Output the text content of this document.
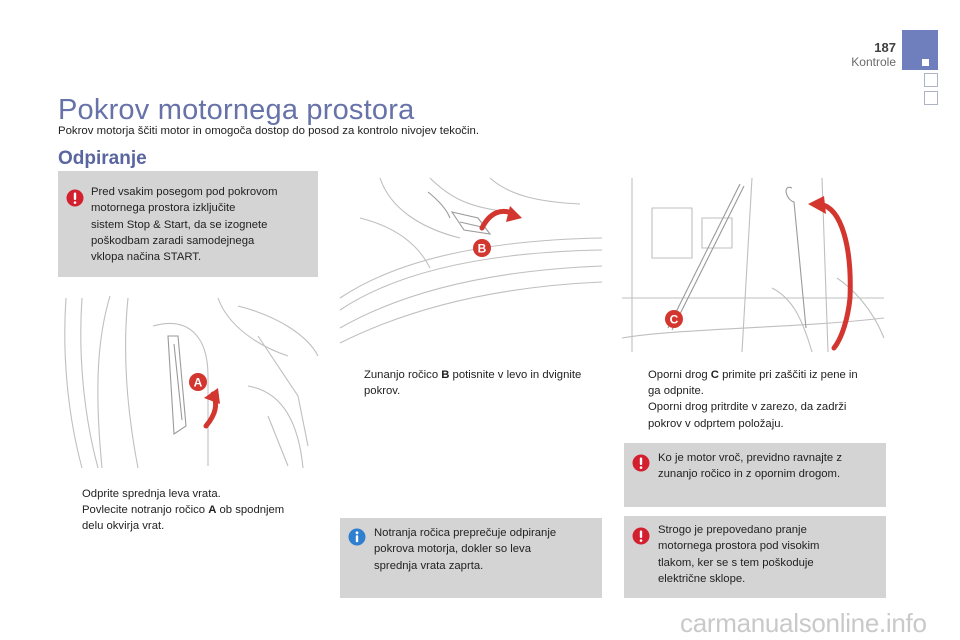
187
Kontrole
Pokrov motornega prostora
Pokrov motorja ščiti motor in omogoča dostop do posod za kontrolo nivojev tekočin.
Odpiranje
Pred vsakim posegom pod pokrovom
motornega prostora izključite
sistem Stop & Start, da se izognete
poškodbam zaradi samodejnega
vklopa načina START.
A
Odprite sprednja leva vrata.
Povlecite notranjo ročico A ob spodnjem
delu okvirja vrat.
B
Zunanjo ročico B potisnite v levo in dvignite
pokrov.
Notranja ročica preprečuje odpiranje
pokrova motorja, dokler so leva
sprednja vrata zaprta.
C
Oporni drog C primite pri zaščiti iz pene in
ga odpnite.
Oporni drog pritrdite v zarezo, da zadrži
pokrov v odprtem položaju.
Ko je motor vroč, previdno ravnajte z
zunanjo ročico in z opornim drogom.
Strogo je prepovedano pranje
motornega prostora pod visokim
tlakom, ker se s tem poškoduje
električne sklope.
carmanualsonline.info
